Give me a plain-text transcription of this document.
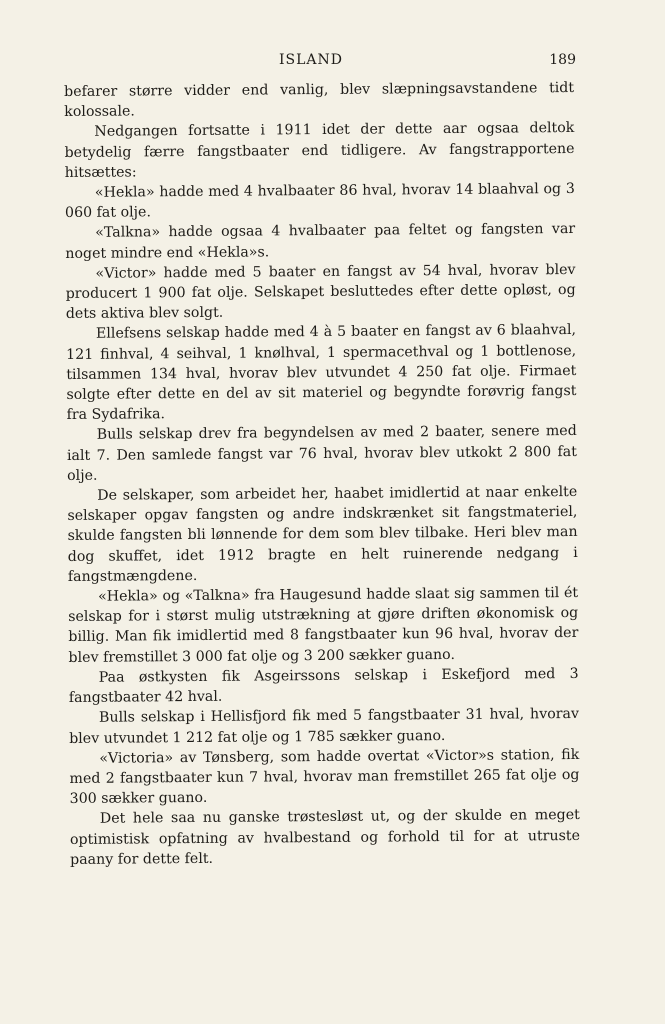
ISLAND	189

befarer større vidder end vanlig, blev slæpningsavstandene tidt kolossale.

Nedgangen fortsatte i 1911 idet der dette aar ogsaa deltok betydelig færre fangstbaater end tidligere. Av fangstrapportene hitsættes:

«Hekla» hadde med 4 hvalbaater 86 hval, hvorav 14 blaahval og 3 060 fat olje.

«Talkna» hadde ogsaa 4 hvalbaater paa feltet og fangsten var noget mindre end «Hekla»s.

«Victor» hadde med 5 baater en fangst av 54 hval, hvorav blev producert 1 900 fat olje. Selskapet besluttedes efter dette opløst, og dets aktiva blev solgt.

Ellefsens selskap hadde med 4 à 5 baater en fangst av 6 blaahval, 121 finhval, 4 seihval, 1 knølhval, 1 spermacethval og 1 bottlenose, tilsammen 134 hval, hvorav blev utvundet 4 250 fat olje. Firmaet solgte efter dette en del av sit materiel og begyndte forøvrig fangst fra Sydafrika.

Bulls selskap drev fra begyndelsen av med 2 baater, senere med ialt 7. Den samlede fangst var 76 hval, hvorav blev utkokt 2 800 fat olje.

De selskaper, som arbeidet her, haabet imidlertid at naar enkelte selskaper opgav fangsten og andre indskrænket sit fangstmateriel, skulde fangsten bli lønnende for dem som blev tilbake. Heri blev man dog skuffet, idet 1912 bragte en helt ruinerende nedgang i fangstmængdene.

«Hekla» og «Talkna» fra Haugesund hadde slaat sig sammen til ét selskap for i størst mulig utstrækning at gjøre driften økonomisk og billig. Man fik imidlertid med 8 fangstbaater kun 96 hval, hvorav der blev fremstillet 3 000 fat olje og 3 200 sækker guano.

Paa østkysten fik Asgeirssons selskap i Eskefjord med 3 fangstbaater 42 hval.

Bulls selskap i Hellisfjord fik med 5 fangstbaater 31 hval, hvorav blev utvundet 1 212 fat olje og 1 785 sækker guano.

«Victoria» av Tønsberg, som hadde overtat «Victor»s station, fik med 2 fangstbaater kun 7 hval, hvorav man fremstillet 265 fat olje og 300 sækker guano.

Det hele saa nu ganske trøstesløst ut, og der skulde en meget optimistisk opfatning av hvalbestand og forhold til for at utruste paany for dette felt.
